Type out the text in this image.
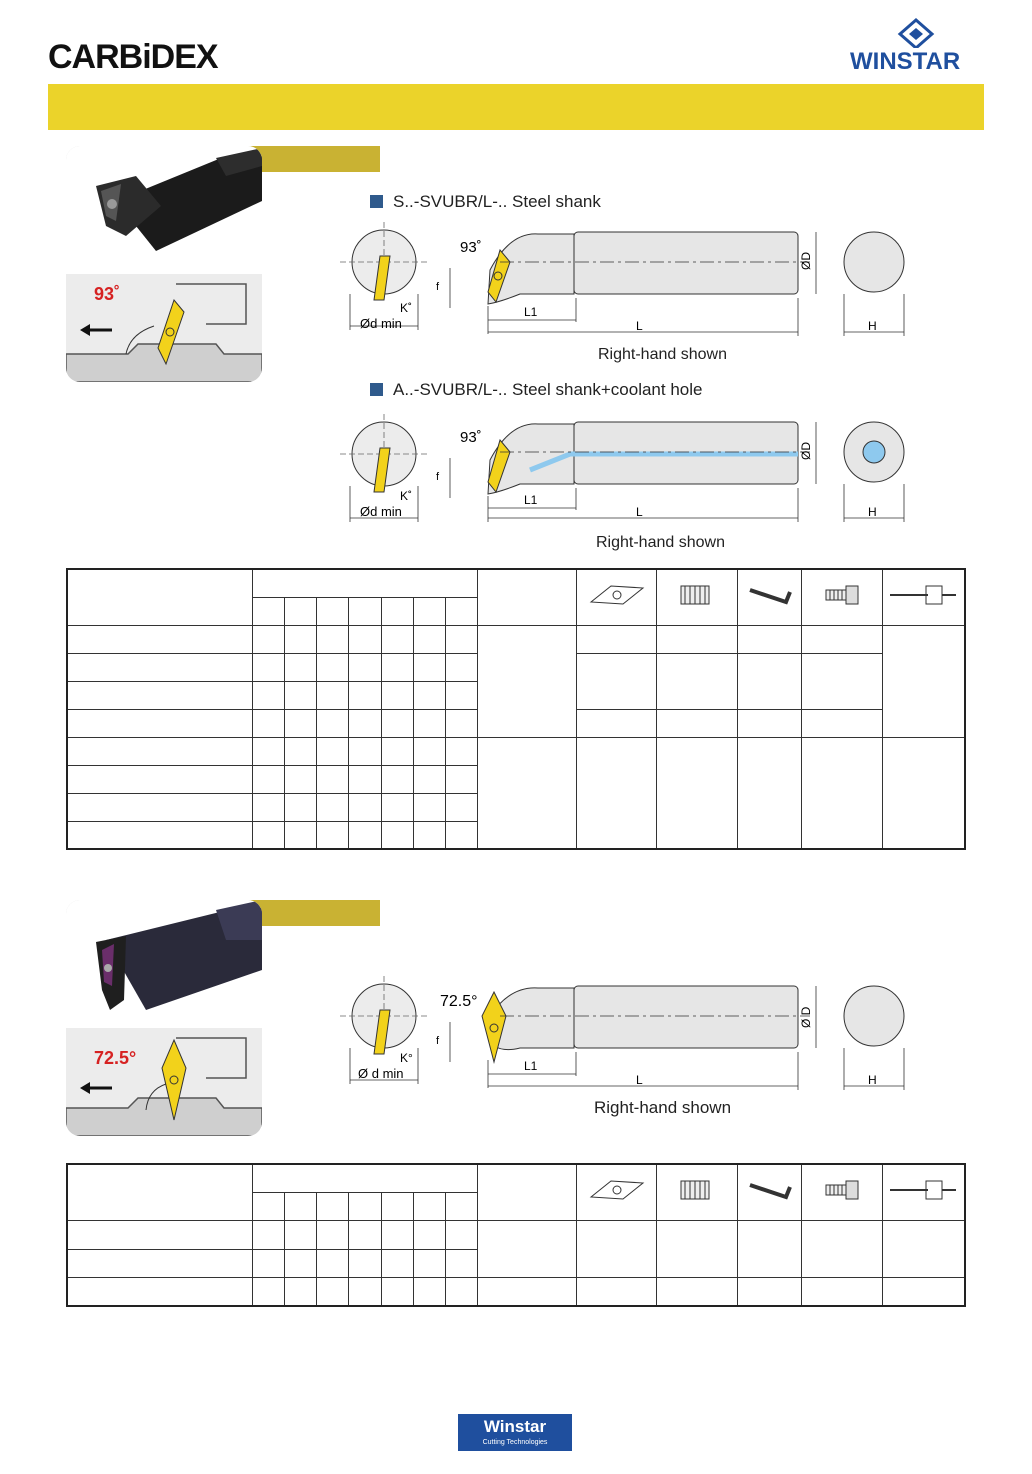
CARBiDEX	WINSTAR
93˚
S..-SVUBR/L-.. Steel shank
Ød min
K˚
93˚
f
L1
L
ØD
H
Right-hand shown
A..-SVUBR/L-.. Steel shank+coolant hole
Ød min
K˚
93˚
f
L1
L
ØD
H
Right-hand shown

72.5°
Ø d min
K°
72.5°
f
L1
L
Ø D
H
Right-hand shown

Winstar
Cutting Technologies
